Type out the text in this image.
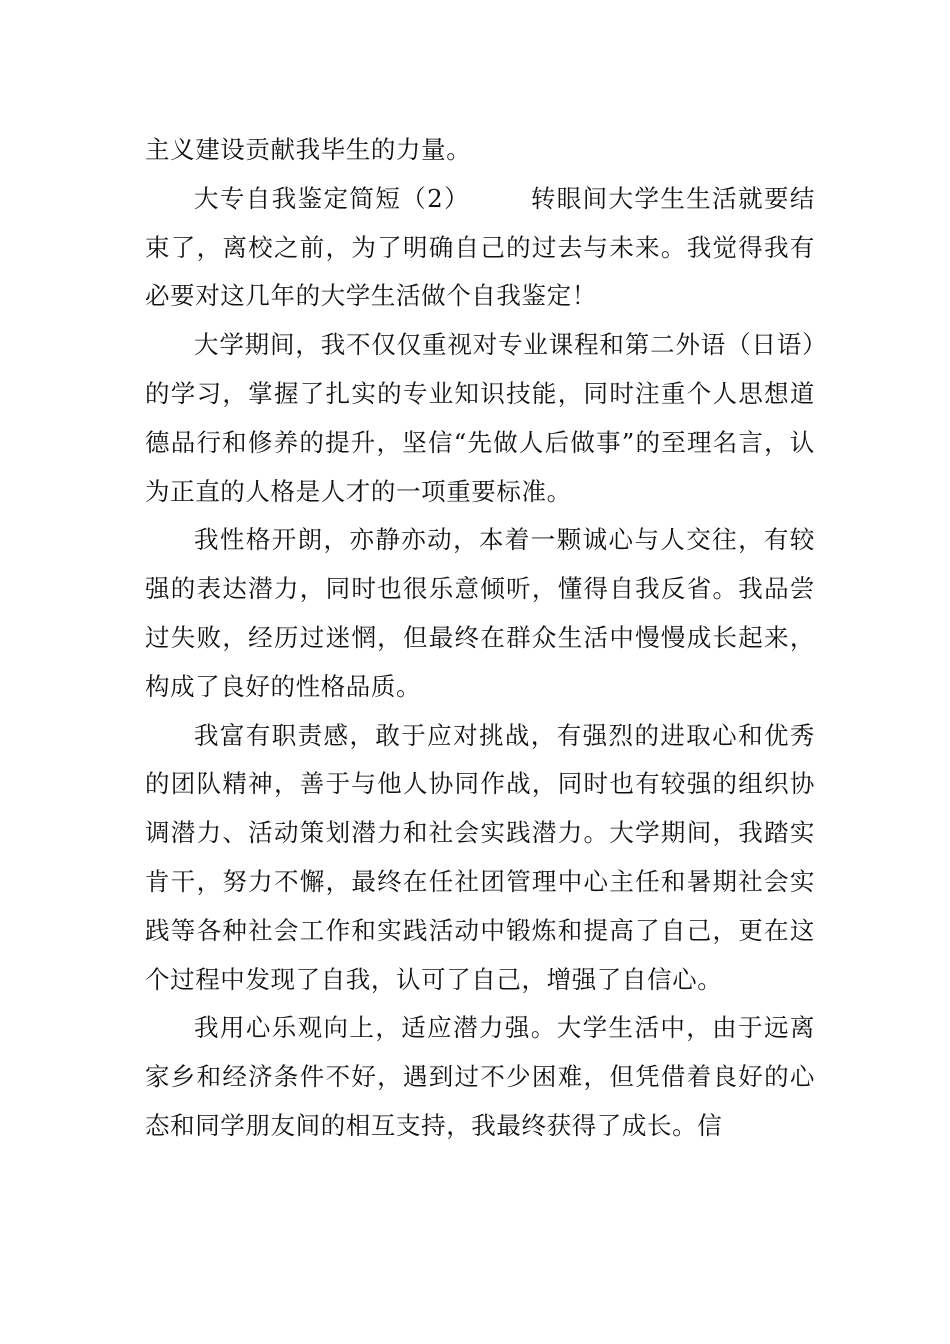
主义建设贡献我毕生的力量。

大专自我鉴定简短（2） 转眼间大学生生活就要结束了，离校之前，为了明确自己的过去与未来。我觉得我有必要对这几年的大学生活做个自我鉴定！

大学期间，我不仅仅重视对专业课程和第二外语（日语）的学习，掌握了扎实的专业知识技能，同时注重个人思想道德品行和修养的提升，坚信“先做人后做事”的至理名言，认为正直的人格是人才的一项重要标准。

我性格开朗，亦静亦动，本着一颗诚心与人交往，有较强的表达潜力，同时也很乐意倾听，懂得自我反省。我品尝过失败，经历过迷惘，但最终在群众生活中慢慢成长起来，构成了良好的性格品质。

我富有职责感，敢于应对挑战，有强烈的进取心和优秀的团队精神，善于与他人协同作战，同时也有较强的组织协调潜力、活动策划潜力和社会实践潜力。大学期间，我踏实肯干，努力不懈，最终在任社团管理中心主任和暑期社会实践等各种社会工作和实践活动中锻炼和提高了自己，更在这个过程中发现了自我，认可了自己，增强了自信心。

我用心乐观向上，适应潜力强。大学生活中，由于远离家乡和经济条件不好，遇到过不少困难，但凭借着良好的心态和同学朋友间的相互支持，我最终获得了成长。信
